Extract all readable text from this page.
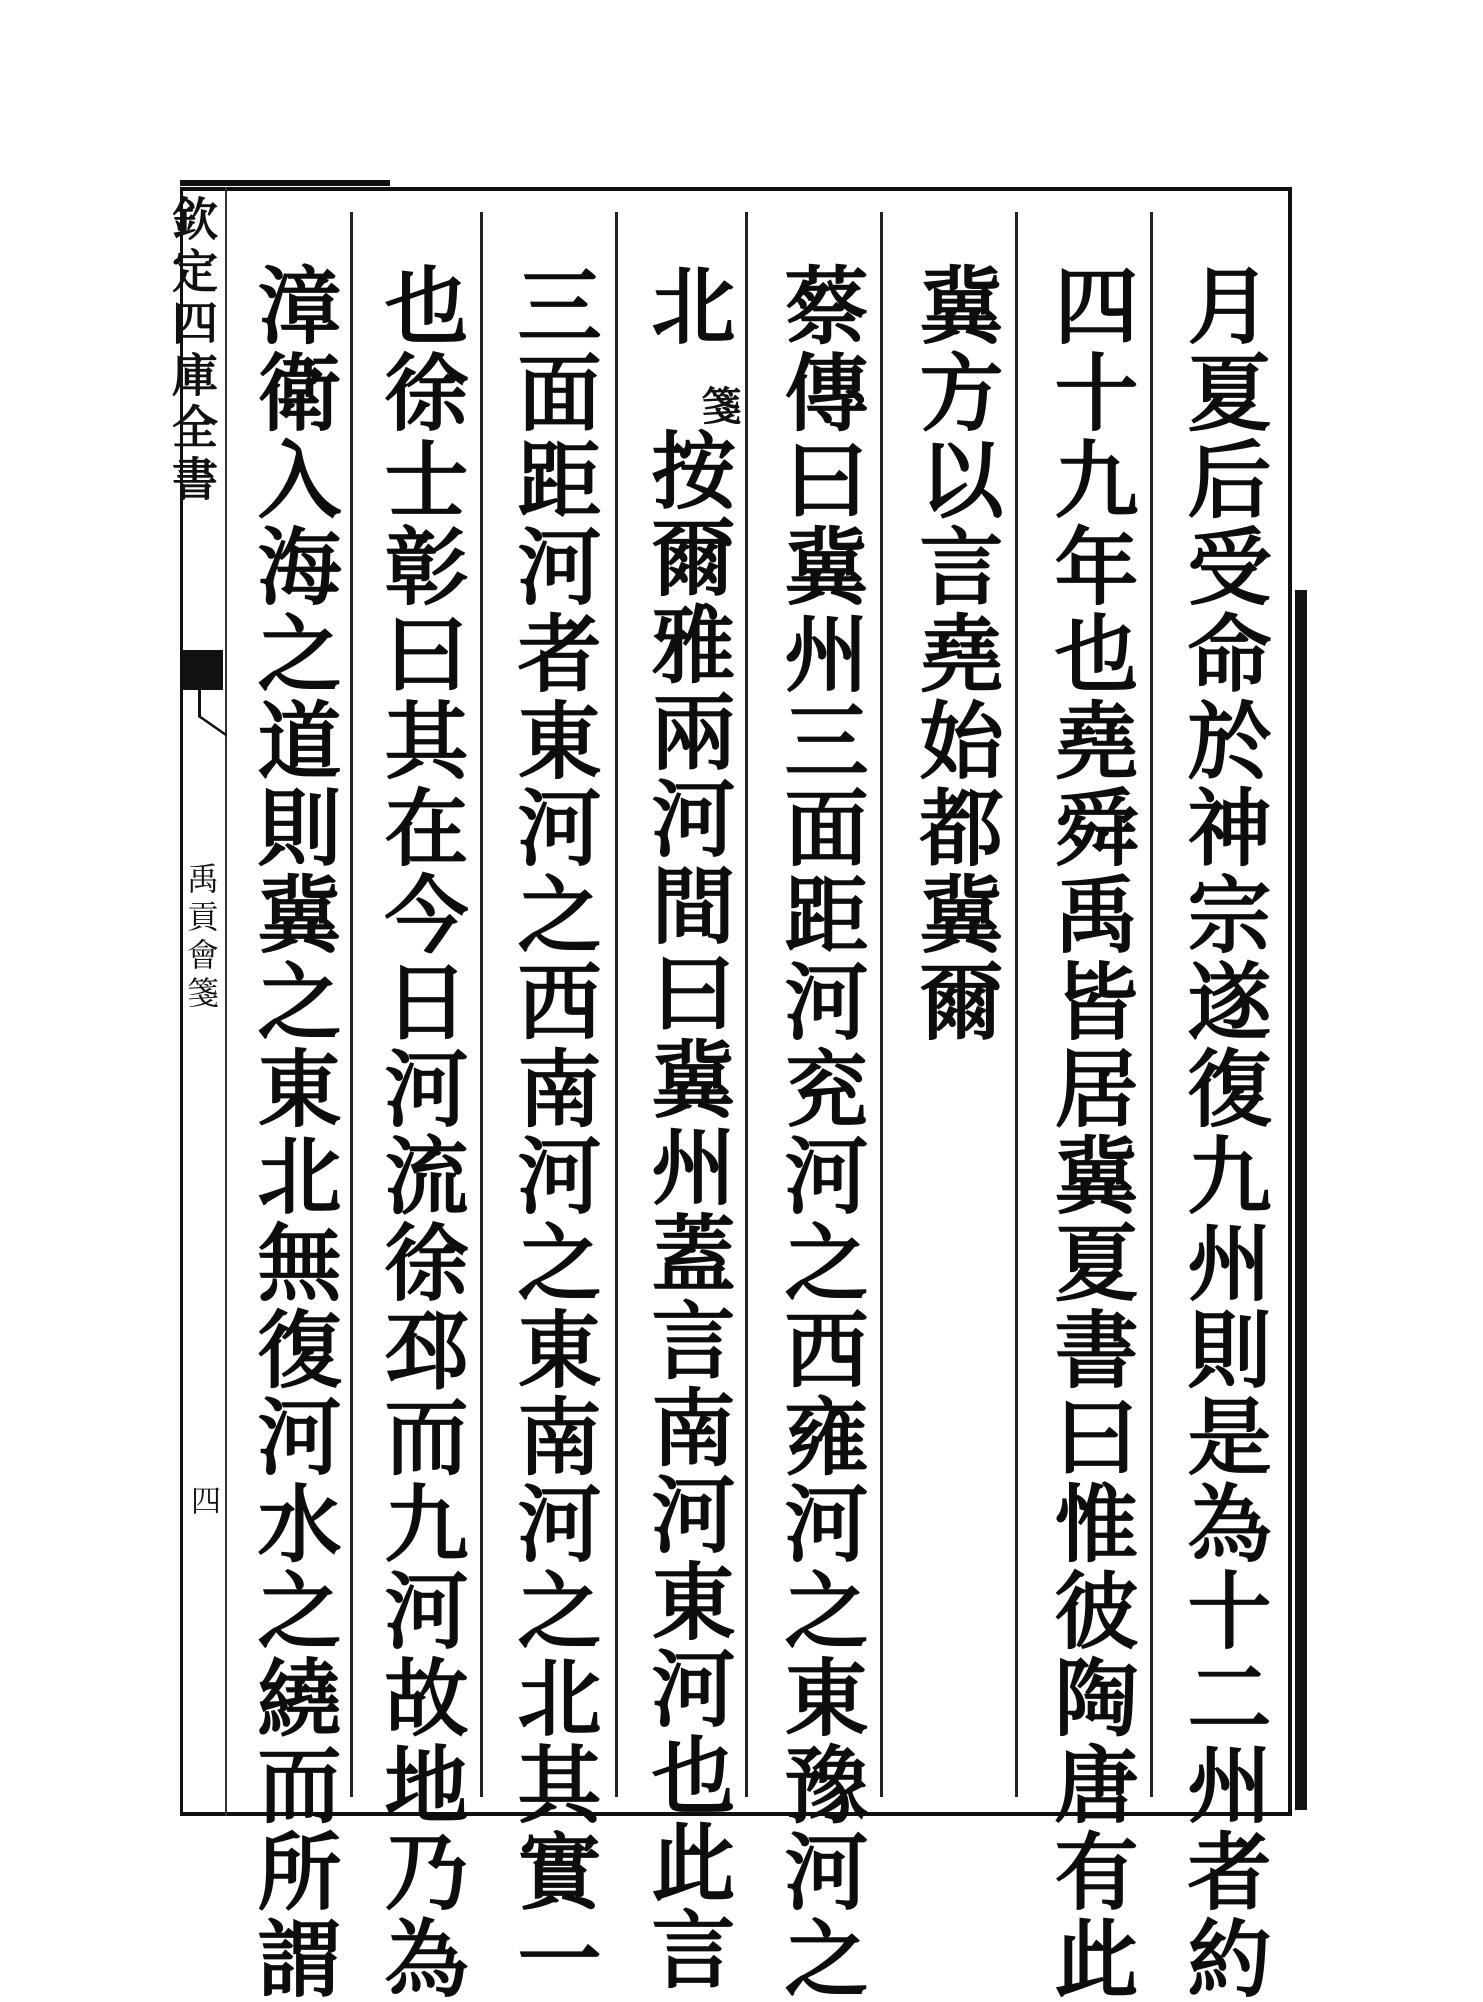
欽定四庫全書
禹貢會箋
四	月夏后受命於神宗遂復九州則是為十二州者約
四十九年也堯舜禹皆居冀夏書曰惟彼陶唐有此
冀方以言堯始都冀爾
蔡傳曰冀州三面距河兖河之西雍河之東豫河之
北
箋
按爾雅兩河間曰冀州蓋言南河東河也此言
三面距河者東河之西南河之東南河之北其實一
也徐士彰曰其在今日河流徐邳而九河故地乃為
漳衛入海之道則冀之東北無復河水之繞而所謂
